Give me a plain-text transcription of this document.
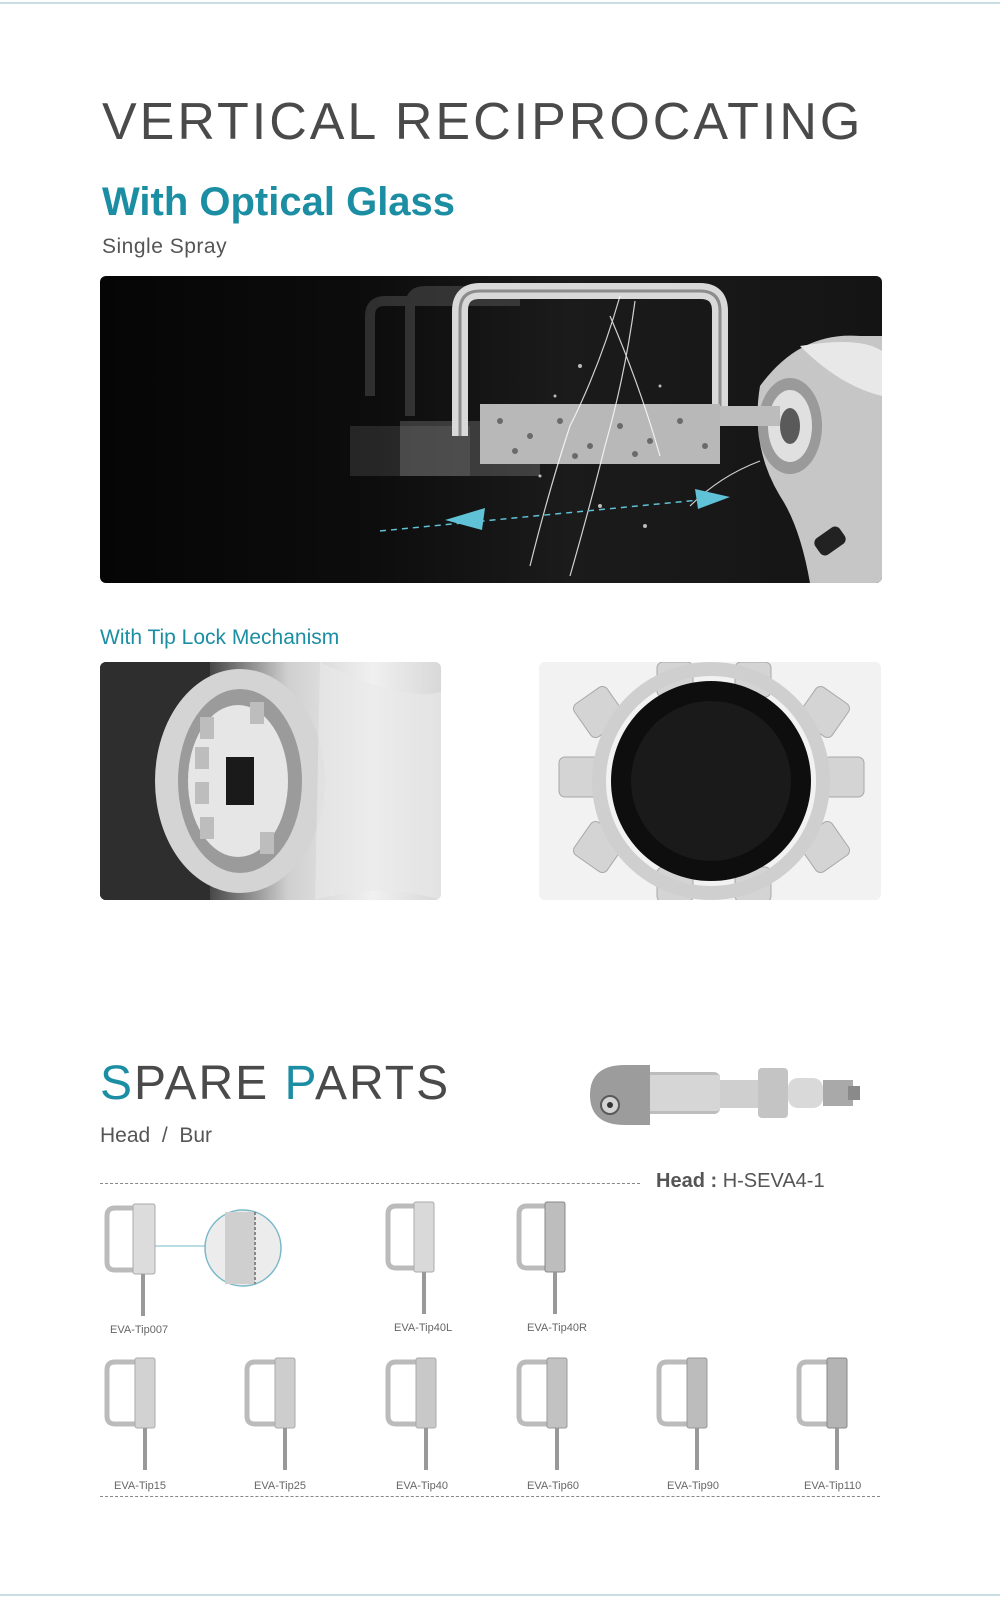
VERTICAL RECIPROCATING
With Optical Glass
Single Spray
With Tip Lock Mechanism
SPARE PARTS
Head  /  Bur
Head : H-SEVA4-1
EVA-Tip007	EVA-Tip40L	EVA-Tip40R
EVA-Tip15	EVA-Tip25	EVA-Tip40	EVA-Tip60	EVA-Tip90	EVA-Tip110
